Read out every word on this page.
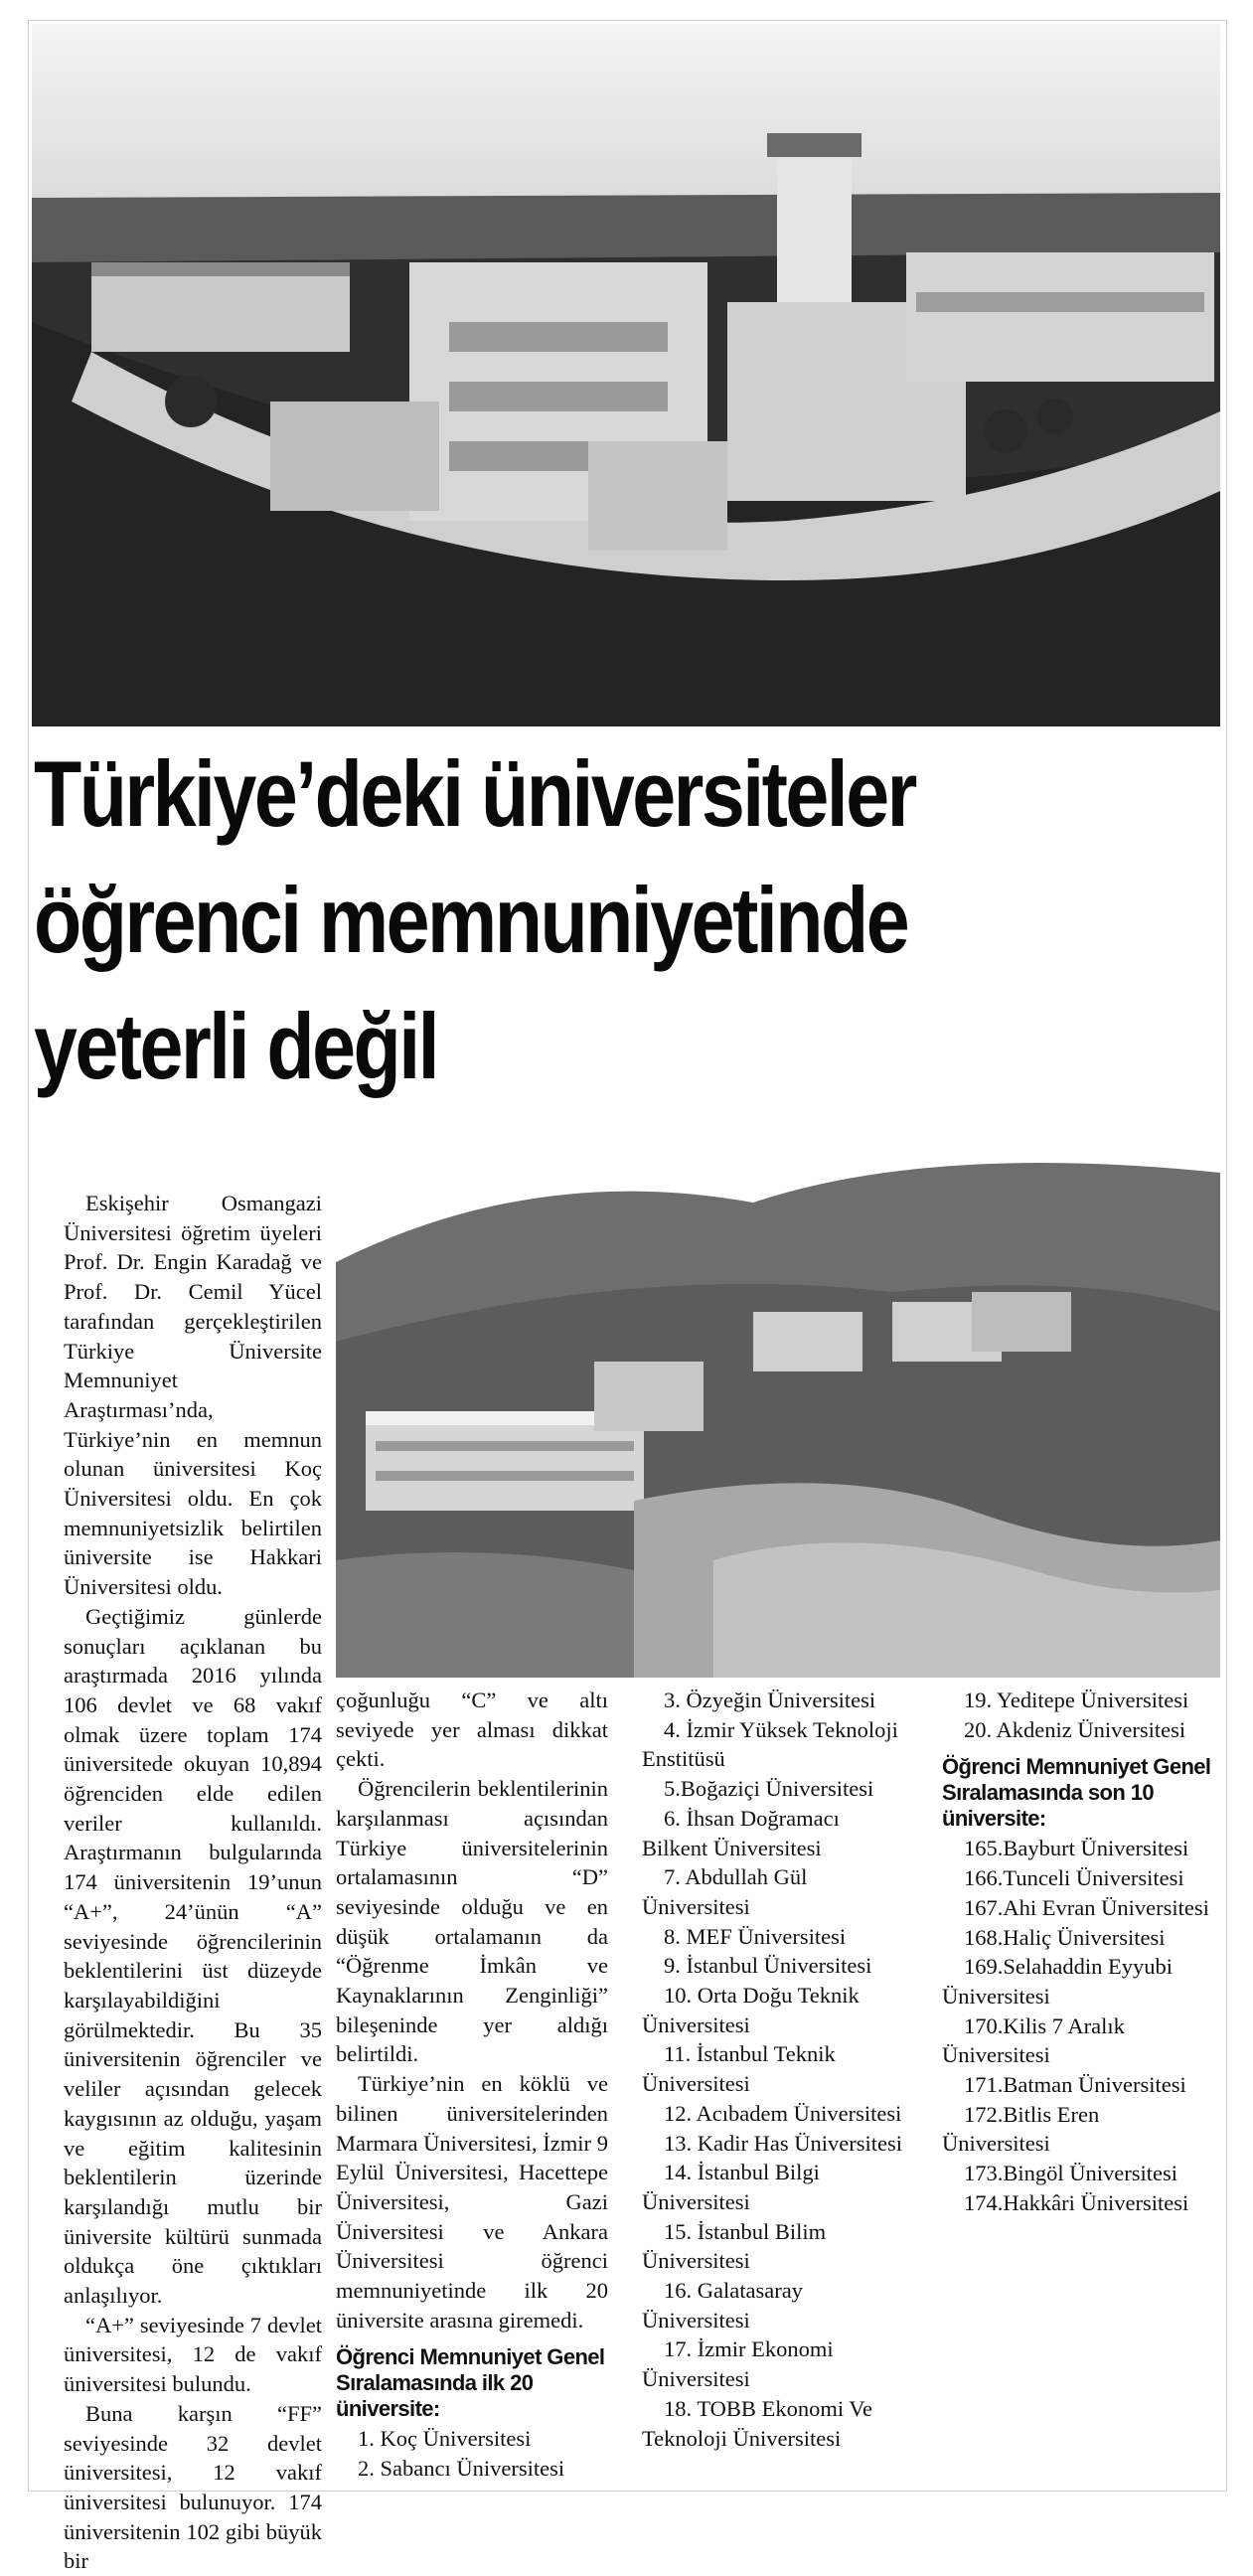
Türkiye’deki üniversiteler
öğrenci memnuniyetinde
yeterli değil

Eskişehir Osmangazi Üniversitesi öğretim üyeleri Prof. Dr. Engin Karadağ ve Prof. Dr. Cemil Yücel tarafından gerçekleştirilen Türkiye Üniversite Memnuniyet Araştırması’nda, Türkiye’nin en memnun olunan üniversitesi Koç Üniversitesi oldu. En çok memnuniyetsizlik belirtilen üniversite ise Hakkari Üniversitesi oldu.

Geçtiğimiz günlerde sonuçları açıklanan bu araştırmada 2016 yılında 106 devlet ve 68 vakıf olmak üzere toplam 174 üniversitede okuyan 10,894 öğrenciden elde edilen veriler kullanıldı. Araştırmanın bulgularında 174 üniversitenin 19’unun “A+”, 24’ünün “A” seviyesinde öğrencilerinin beklentilerini üst düzeyde karşılayabildiğini görülmektedir. Bu 35 üniversitenin öğrenciler ve veliler açısından gelecek kaygısının az olduğu, yaşam ve eğitim kalitesinin beklentilerin üzerinde karşılandığı mutlu bir üniversite kültürü sunmada oldukça öne çıktıkları anlaşılıyor.

“A+” seviyesinde 7 devlet üniversitesi, 12 de vakıf üniversitesi bulundu.

Buna karşın “FF” seviyesinde 32 devlet üniversitesi, 12 vakıf üniversitesi bulunuyor. 174 üniversitenin 102 gibi büyük bir

çoğunluğu “C” ve altı seviyede yer alması dikkat çekti.

Öğrencilerin beklentilerinin karşılanması açısından Türkiye üniversitelerinin ortalamasının “D” seviyesinde olduğu ve en düşük ortalamanın da “Öğrenme İmkân ve Kaynaklarının Zenginliği” bileşeninde yer aldığı belirtildi.

Türkiye’nin en köklü ve bilinen üniversitelerinden Marmara Üniversitesi, İzmir 9 Eylül Üniversitesi, Hacettepe Üniversitesi, Gazi Üniversitesi ve Ankara Üniversitesi öğrenci memnuniyetinde ilk 20 üniversite arasına giremedi.

Öğrenci Memnuniyet Genel Sıralamasında ilk 20 üniversite:
1. Koç Üniversitesi
2. Sabancı Üniversitesi
3. Özyeğin Üniversitesi
4. İzmir Yüksek Teknoloji Enstitüsü
5.Boğaziçi Üniversitesi
6. İhsan Doğramacı Bilkent Üniversitesi
7. Abdullah Gül Üniversitesi
8. MEF Üniversitesi
9. İstanbul Üniversitesi
10. Orta Doğu Teknik Üniversitesi
11. İstanbul Teknik Üniversitesi
12. Acıbadem Üniversitesi
13. Kadir Has Üniversitesi
14. İstanbul Bilgi Üniversitesi
15. İstanbul Bilim Üniversitesi
16. Galatasaray Üniversitesi
17. İzmir Ekonomi Üniversitesi
18. TOBB Ekonomi Ve Teknoloji Üniversitesi
19. Yeditepe Üniversitesi
20. Akdeniz Üniversitesi
Öğrenci Memnuniyet Genel Sıralamasında son 10 üniversite:
165.Bayburt Üniversitesi
166.Tunceli Üniversitesi
167.Ahi Evran Üniversitesi
168.Haliç Üniversitesi
169.Selahaddin Eyyubi Üniversitesi
170.Kilis 7 Aralık Üniversitesi
171.Batman Üniversitesi
172.Bitlis Eren Üniversitesi
173.Bingöl Üniversitesi
174.Hakkâri Üniversitesi
